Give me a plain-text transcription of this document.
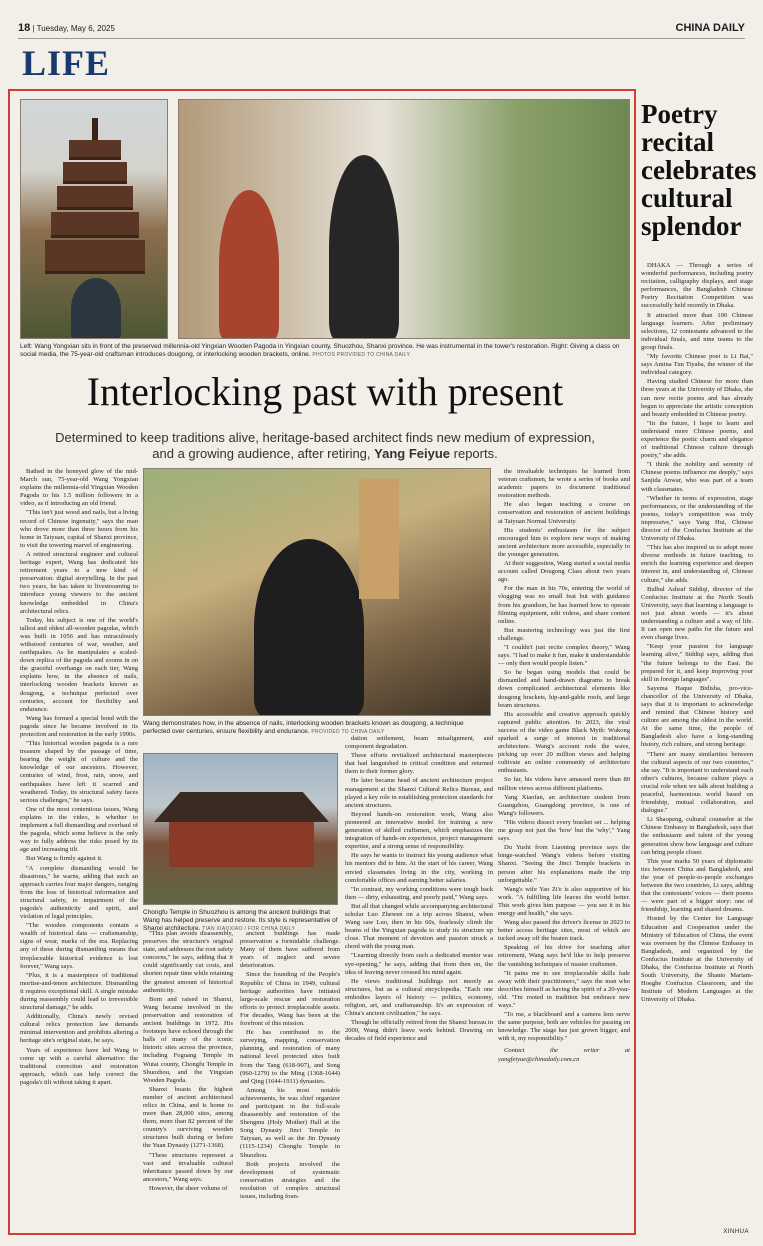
18 | Tuesday, May 6, 2025	CHINA DAILY
LIFE
Left: Wang Yongxian sits in front of the preserved millennia-old Yingxian Wooden Pagoda in Yingxian county, Shuozhou, Shanxi province. He was instrumental in the tower's restoration. Right: Giving a class on social media, the 75-year-old craftsman introduces dougong, or interlocking wooden brackets, online. PHOTOS PROVIDED TO CHINA DAILY
Interlocking past with present
Determined to keep traditions alive, heritage-based architect finds new medium of expression,
and a growing audience, after retiring, Yang Feiyue reports.

Bathed in the honeyed glow of the mid-March sun, 75-year-old Wang Yongxian explains the millennia-old Yingxian Wooden Pagoda to his 1.5 million followers in a video, as if introducing an old friend.

"This isn't just wood and nails, but a living record of Chinese ingenuity," says the man who drove more than three hours from his home in Taiyuan, capital of Shanxi province, to visit the towering marvel of engineering.

A retired structural engineer and cultural heritage expert, Wang has dedicated his retirement years to a new kind of preservation: digital storytelling. In the past two years, he has taken to livestreaming to introduce young viewers to the ancient knowledge embedded in China's architectural relics.

Today, his subject is one of the world's tallest and oldest all-wooden pagodas, which was built in 1056 and has miraculously withstood centuries of war, weather, and earthquakes. As he manipulates a scaled-down replica of the pagoda and zooms in on the graceful overhangs on each tier, Wang explains how, in the absence of nails, interlocking wooden brackets known as dougong, a technique perfected over centuries, account for flexibility and endurance.

Wang has formed a special bond with the pagoda since he became involved in its protection and restoration in the early 1990s.

"This historical wooden pagoda is a rare treasure shaped by the passage of time, bearing the weight of culture and the knowledge of our ancestors. However, centuries of wind, frost, rain, snow, and earthquakes have left it scarred and weathered. Today, its structural safety faces serious challenges," he says.

One of the most contentious issues, Wang explains in the video, is whether to implement a full dismantling and overhaul of the pagoda, which some believe is the only way to fully address the risks posed by its age and increasing tilt.

But Wang is firmly against it.

"A complete dismantling would be disastrous," he warns, adding that such an approach carries four major dangers, ranging from the loss of historical information and structural safety, to impairment of the pagoda's authenticity and spirit, and violation of legal principles.

"The wooden components contain a wealth of historical data — craftsmanship, signs of wear, marks of the era. Replacing any of these during dismantling means that irreplaceable historical evidence is lost forever," Wang says.

"Plus, it is a masterpiece of traditional mortise-and-tenon architecture. Dismantling it requires exceptional skill. A single mistake during reassembly could lead to irreversible structural damage," he adds.

Additionally, China's newly revised cultural relics protection law demands minimal intervention and prohibits altering a heritage site's original state, he says.

Years of experience have led Wang to come up with a careful alternative: the traditional correction and restoration approach, which can help correct the pagoda's tilt without taking it apart.

Wang demonstrates how, in the absence of nails, interlocking wooden brackets known as dougong, a technique perfected over centuries, ensure flexibility and endurance. PROVIDED TO CHINA DAILY
Chongfu Temple in Shuozhou is among the ancient buildings that Wang has helped preserve and restore. Its style is representative of Shanxi architecture. TIAN XIAOXIAO / FOR CHINA DAILY

"This plan avoids disassembly, preserves the structure's original state, and addresses the root safety concerns," he says, adding that it could significantly cut costs, and shorten repair time while retaining the greatest amount of historical authenticity.

Born and raised in Shanxi, Wang became involved in the preservation and restoration of ancient buildings in 1972. His footsteps have echoed through the halls of many of the iconic historic sites across the province, including Foguang Temple in Wutai county, Chongfu Temple in Shuozhou, and the Yingxian Wooden Pagoda.

Shanxi boasts the highest number of ancient architectural relics in China, and is home to more than 28,000 sites, among them, more than 82 percent of the country's surviving wooden structures built during or before the Yuan Dynasty (1271-1368).

"These structures represent a vast and invaluable cultural inheritance passed down by our ancestors," Wang says.

However, the sheer volume of

ancient buildings has made preservation a formidable challenge. Many of them have suffered from years of neglect and severe deterioration.

Since the founding of the People's Republic of China in 1949, cultural heritage authorities have initiated large-scale rescue and restoration efforts to protect irreplaceable assets. For decades, Wang has been at the forefront of this mission.

He has contributed to the surveying, mapping, conservation planning, and restoration of many national level protected sites built from the Tang (618-907), and Song (960-1279) to the Ming (1368-1644) and Qing (1644-1911) dynasties.

Among his most notable achievements, he was chief organizer and participant in the full-scale disassembly and restoration of the Shengmu (Holy Mother) Hall at the Song Dynasty Jinci Temple in Taiyuan, as well as the Jin Dynasty (1115-1234) Chongfu Temple in Shuozhou.

Both projects involved the development of systematic conservation strategies and the resolution of complex structural issues, including foun-

dation settlement, beam misalignment, and component degradation.

These efforts revitalized architectural masterpieces that had languished in critical condition and returned them to their former glory.

He later became head of ancient architecture project management at the Shanxi Cultural Relics Bureau, and played a key role in establishing protection standards for ancient structures.

Beyond hands-on restoration work, Wang also pioneered an innovative model for training a new generation of skilled craftsmen, which emphasizes the integration of hands-on experience, project management expertise, and a strong sense of responsibility.

He says he wants to instruct his young audience what his mentors did to him. At the start of his career, Wang envied classmates living in the city, working in comfortable offices and earning better salaries.

"In contrast, my working conditions were tough back then — dirty, exhausting, and poorly paid," Wang says.

But all that changed while accompanying architectural scholar Luo Zhewen on a trip across Shanxi, when Wang saw Luo, then in his 60s, fearlessly climb the beams of the Yingxian pagoda to study its structure up close. That moment of devotion and passion struck a chord with the young man.

"Learning directly from such a dedicated mentor was eye-opening," he says, adding that from then on, the idea of leaving never crossed his mind again.

He views traditional buildings not merely as structures, but as a cultural encyclopedia. "Each one embodies layers of history — politics, economy, religion, art, and craftsmanship. It's an expression of China's ancient civilization," he says.

Though he officially retired from the Shanxi bureau in 2000, Wang didn't leave work behind. Drawing on decades of field experience and

the invaluable techniques he learned from veteran craftsmen, he wrote a series of books and academic papers to document traditional restoration methods.

He also began teaching a course on conservation and restoration of ancient buildings at Taiyuan Normal University.

His students' enthusiasm for the subject encouraged him to explore new ways of making ancient architecture more accessible, especially to the younger generation.

At their suggestion, Wang started a social media account called Dougong Class about two years ago.

For the man in his 70s, entering the world of vlogging was no small feat but with guidance from his grandson, he has learned how to operate filming equipment, edit videos, and share content online.

But mastering technology was just the first challenge.

"I couldn't just recite complex theory," Wang says. "I had to make it fun, make it understandable — only then would people listen."

So he began using models that could be dismantled and hand-drawn diagrams to break down complicated architectural elements like dougong brackets, hip-and-gable roofs, and large beam structures.

His accessible and creative approach quickly captured public attention. In 2023, the viral success of the video game Black Myth: Wukong sparked a surge of interest in traditional architecture. Wang's account rode the wave, picking up over 20 million views and helping cultivate an online community of architecture enthusiasts.

So far, his videos have amassed more than 80 million views across different platforms.

Yang Xiaofan, an architecture student from Guangzhou, Guangdong province, is one of Wang's followers.

"His videos dissect every bracket set ... helping me grasp not just the 'how' but the 'why'," Yang says.

Du Yushi from Liaoning province says the binge-watched Wang's videos before visiting Shanxi. "Seeing the Jinci Temple brackets in person after his explanations made the trip unforgettable."

Wang's wife Yao Zi'e is also supportive of his work. "A fulfilling life leaves the world better. This work gives him purpose — you see it in his energy and health," she says.

Wang also passed the driver's license in 2023 to better access heritage sites, most of which are tucked away off the beaten track.

Speaking of his drive for teaching after retirement, Wang says he'd like to help preserve the vanishing techniques of master craftsmen.

"It pains me to see irreplaceable skills fade away with their practitioners," says the man who describes himself as having the spirit of a 20-year-old. "I'm rooted in tradition but embrace new ways."

"To me, a blackboard and a camera lens serve the same purpose, both are vehicles for passing on knowledge. The stage has just grown bigger, and with it, my responsibility."

Contact the writer at yangfeiyue@chinadaily.com.cn

Poetry recital celebrates cultural splendor

DHAKA — Through a series of wonderful performances, including poetry recitation, calligraphy displays, and stage performances, the Bangladesh Chinese Poetry Recitation Competition was successfully held recently in Dhaka.

It attracted more than 100 Chinese language learners. After preliminary selections, 12 contestants advanced to the individual finals, and nine teams to the group finals.

"My favorite Chinese poet is Li Bai," says Amina Tun Tiyaba, the winner of the individual category.

Having studied Chinese for more than three years at the University of Dhaka, she can now recite poems and has already begun to appreciate the artistic conception and beauty embedded in Chinese poetry.

"In the future, I hope to learn and understand more Chinese poems, and experience the poetic charm and elegance of traditional Chinese culture through poetry," she adds.

"I think the nobility and serenity of Chinese poems influence me deeply," says Sanjida Anwar, who was part of a team with classmates.

"Whether in terms of expression, stage performances, or the understanding of the poems, today's competition was truly impressive," says Yang Hui, Chinese director of the Confucius Institute at the University of Dhaka.

"This has also inspired us to adopt more diverse methods in future teaching, to enrich the learning experience and deepen interest in, and understanding of, Chinese culture," she adds.

Bulbul Ashraf Siddiqi, director of the Confucius Institute at the North South University, says that learning a language is not just about words — it's about understanding a culture and a way of life. It can open new paths for the future and even change lives.

"Keep your passion for language learning alive," Siddiqi says, adding that "the future belongs to the East. Be prepared for it, and keep improving your skill in foreign languages".

Sayema Haque Bidisha, pro-vice-chancellor of the University of Dhaka, says that it is important to acknowledge and remind that Chinese history and culture are among the oldest in the world. At the same time, the people of Bangladesh also have a long-standing history, rich culture, and strong heritage.

"There are many similarities between the cultural aspects of our two countries," she say. "It is important to understand each other's cultures, because culture plays a crucial role when we talk about building a peaceful, harmonious world based on friendship, mutual collaboration, and dialogue."

Li Shaopeng, cultural counselor at the Chinese Embassy in Bangladesh, says that the enthusiasm and talent of the young generation show how language and culture can bring people closer.

This year marks 50 years of diplomatic ties between China and Bangladesh, and the year of people-to-people exchanges between the two countries, Li says, adding that the contestants' voices — their poems — were part of a bigger story: one of friendship, learning and shared dreams.

Hosted by the Center for Language Education and Cooperation under the Ministry of Education of China, the event was overseen by the Chinese Embassy in Bangladesh, and organized by the Confucius Institute at the University of Dhaka, the Confucius Institute at North South University, the Shanto Mariam-Hoeghe Confucius Classroom, and the Institute of Modern Languages at the University of Dhaka.

XINHUA
